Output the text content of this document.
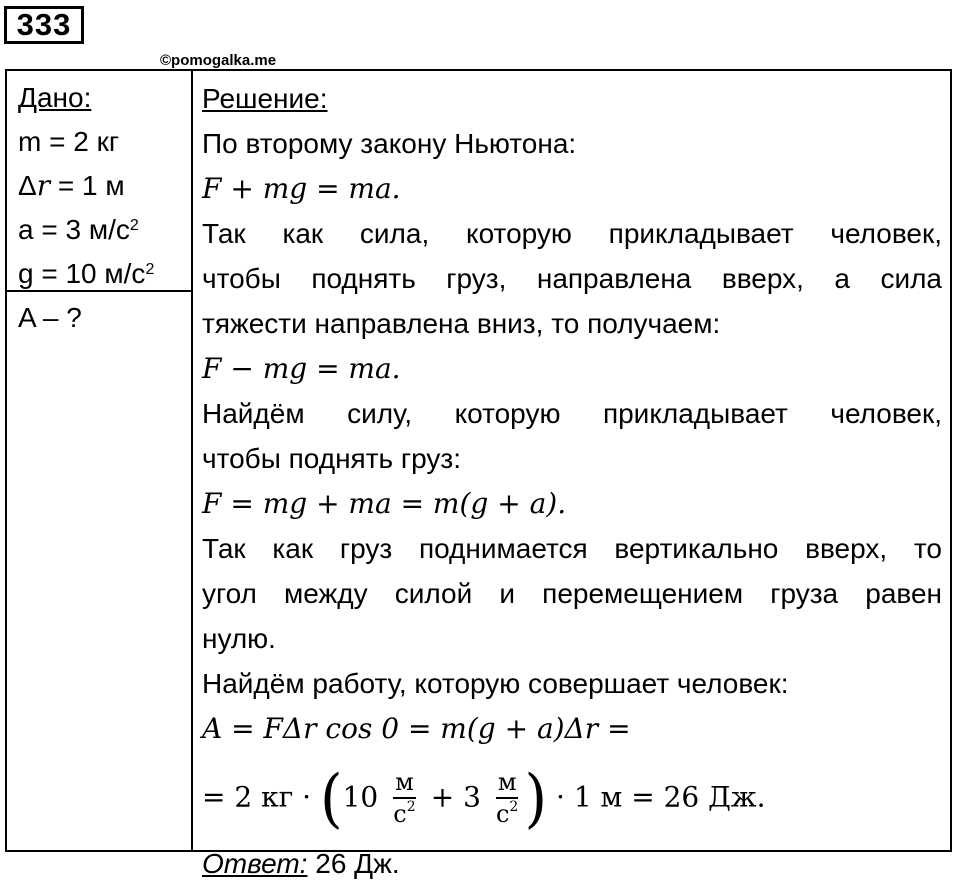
333
©pomogalka.me
Дано:
m = 2 кг
Δr = 1 м
a = 3 $м/с^2$
g = 10 $м/с^2$
A – ?
Решение:
По второму закону Ньютона:
F + mg = ma.
Так как сила, которую прикладывает человек,
чтобы поднять груз, направлена вверх, а сила
тяжести направлена вниз, то получаем:
F − mg = ma.
Найдём силу, которую прикладывает человек,
чтобы поднять груз:
F = mg + ma = m(g + a).
Так как груз поднимается вертикально вверх, то
угол между силой и перемещением груза равен
нулю.
Найдём работу, которую совершает человек:
A = FΔr cos 0 = m(g + a)Δr =
= 2 кг · ($10 \frac{м}{с^2} + 3 \frac{м}{с^2}$ ) · 1 м = 26 Дж.
Ответ: 26 Дж.
